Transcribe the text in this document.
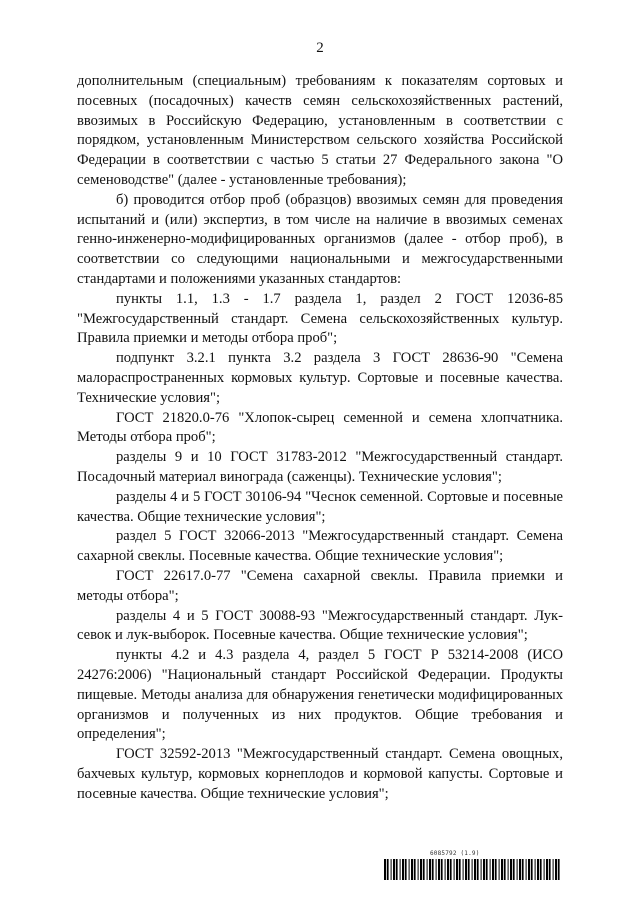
2

дополнительным (специальным) требованиям к показателям сортовых и посевных (посадочных) качеств семян сельскохозяйственных растений, ввозимых в Российскую Федерацию, установленным в соответствии с порядком, установленным Министерством сельского хозяйства Российской Федерации в соответствии с частью 5 статьи 27 Федерального закона "О семеноводстве" (далее - установленные требования);

б) проводится отбор проб (образцов) ввозимых семян для проведения испытаний и (или) экспертиз, в том числе на наличие в ввозимых семенах генно-инженерно-модифицированных организмов (далее - отбор проб), в соответствии со следующими национальными и межгосударственными стандартами и положениями указанных стандартов:

пункты 1.1, 1.3 - 1.7 раздела 1, раздел 2 ГОСТ 12036-85 "Межгосударственный стандарт. Семена сельскохозяйственных культур. Правила приемки и методы отбора проб";

подпункт 3.2.1 пункта 3.2 раздела 3 ГОСТ 28636-90 "Семена малораспространенных кормовых культур. Сортовые и посевные качества. Технические условия";

ГОСТ 21820.0-76 "Хлопок-сырец семенной и семена хлопчатника. Методы отбора проб";

разделы 9 и 10 ГОСТ 31783-2012 "Межгосударственный стандарт. Посадочный материал винограда (саженцы). Технические условия";

разделы 4 и 5 ГОСТ 30106-94 "Чеснок семенной. Сортовые и посевные качества. Общие технические условия";

раздел 5 ГОСТ 32066-2013 "Межгосударственный стандарт. Семена сахарной свеклы. Посевные качества. Общие технические условия";

ГОСТ 22617.0-77 "Семена сахарной свеклы. Правила приемки и методы отбора";

разделы 4 и 5 ГОСТ 30088-93 "Межгосударственный стандарт. Лук-севок и лук-выборок. Посевные качества. Общие технические условия";

пункты 4.2 и 4.3 раздела 4, раздел 5 ГОСТ Р 53214-2008 (ИСО 24276:2006) "Национальный стандарт Российской Федерации. Продукты пищевые. Методы анализа для обнаружения генетически модифицированных организмов и полученных из них продуктов. Общие требования и определения";

ГОСТ 32592-2013 "Межгосударственный стандарт. Семена овощных, бахчевых культур, кормовых корнеплодов и кормовой капусты. Сортовые и посевные качества. Общие технические условия";

6085792 (1.9)
